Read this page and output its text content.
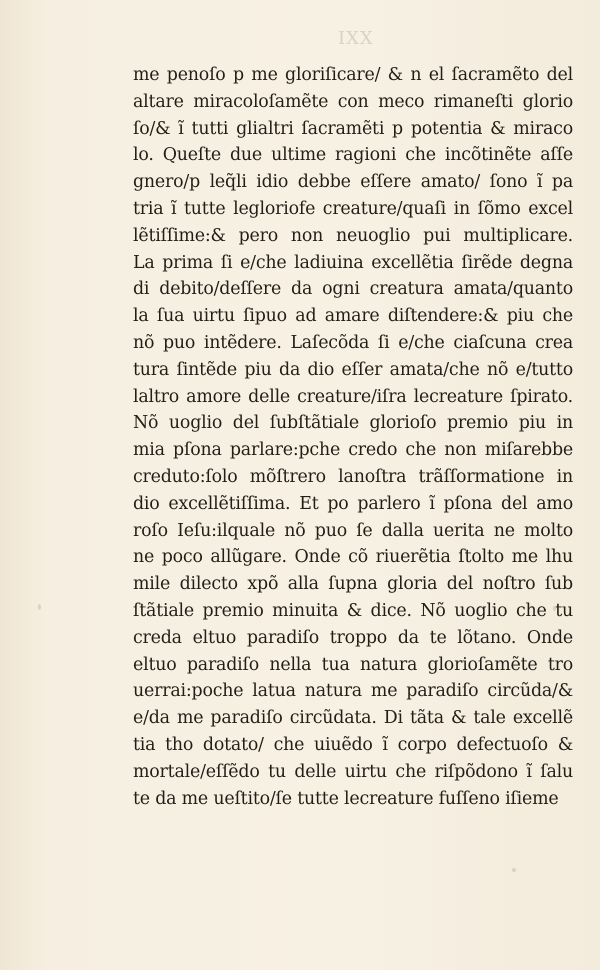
IXX
me penoſo p me gloriſicare/ & n el ſacramẽto del
altare miracoloſamẽte con meco rimaneſti glorio
ſo/& ĩ tutti glialtri ſacramẽti p potentia & miraco
lo. Queſte due ultime ragioni che incõtinẽte aſſe
gnero/p leq̃li idio debbe eſſere amato/ ſono ĩ pa
tria ĩ tutte legloriofe creature/quaſi in ſõmo excel
lẽtiſſime:& pero non neuoglio pui multiplicare.
La prima ſi e/che ladiuina excellẽtia ſirẽde degna
di debito/deſſere da ogni creatura amata/quanto
la ſua uirtu ſipuo ad amare diſtendere:& piu che
nõ puo intẽdere. Laſecõda ſi e/che ciaſcuna crea
tura ſintẽde piu da dio eſſer amata/che nõ e/tutto
laltro amore delle creature/iſra lecreature ſpirato.
Nõ uoglio del ſubſtãtiale glorioſo premio piu in
mia pſona parlare:pche credo che non miſarebbe
creduto:ſolo mõſtrero lanoſtra trãſſormatione in
dio excellẽtiſſima. Et po parlero ĩ pſona del amo
roſo Ieſu:ilquale nõ puo ſe dalla uerita ne molto
ne poco allũgare. Onde cõ riuerẽtia ſtolto me lhu
mile dilecto xpõ alla ſupna gloria del noſtro ſub
ſtãtiale premio minuita & dice. Nõ uoglio che tu
creda eltuo paradiſo troppo da te lõtano. Onde
eltuo paradiſo nella tua natura glorioſamẽte tro
uerrai:poche latua natura me paradiſo circũda/&
e/da me paradiſo circũdata. Di tãta & tale excellẽ
tia tho dotato/ che uiuẽdo ĩ corpo defectuoſo &
mortale/eſſẽdo tu delle uirtu che riſpõdono ĩ ſalu
te da me ueſtito/ſe tutte lecreature fuſſeno iſieme
